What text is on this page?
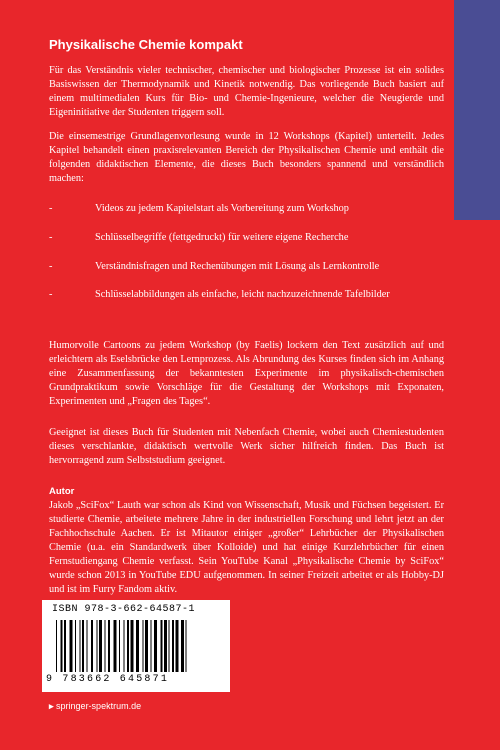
Physikalische Chemie kompakt

Für das Verständnis vieler technischer, chemischer und biologischer Prozesse ist ein solides Basiswissen der Thermodynamik und Kinetik notwendig. Das vorliegende Buch basiert auf einem multimedialen Kurs für Bio- und Chemie-Ingenieure, welcher die Neugierde und Eigeninitiative der Studenten triggern soll.

Die einsemestrige Grundlagenvorlesung wurde in 12 Workshops (Kapitel) unterteilt. Jedes Kapitel behandelt einen praxisrelevanten Bereich der Physikalischen Chemie und enthält die folgenden didaktischen Elemente, die dieses Buch besonders spannend und verständlich machen:

-	Videos zu jedem Kapitelstart als Vorbereitung zum Workshop
-	Schlüsselbegriffe (fettgedruckt) für weitere eigene Recherche
-	Verständnisfragen und Rechenübungen mit Lösung als Lernkontrolle
-	Schlüsselabbildungen als einfache, leicht nachzuzeichnende Tafelbilder

Humorvolle Cartoons zu jedem Workshop (by Faelis) lockern den Text zusätzlich auf und erleichtern als Eselsbrücke den Lernprozess. Als Abrundung des Kurses finden sich im Anhang eine Zusammenfassung der bekanntesten Experimente im physikalisch-chemischen Grundpraktikum sowie Vorschläge für die Gestaltung der Workshops mit Exponaten, Experimenten und „Fragen des Tages“.

Geeignet ist dieses Buch für Studenten mit Nebenfach Chemie, wobei auch Chemiestudenten dieses verschlankte, didaktisch wertvolle Werk sicher hilfreich finden. Das Buch ist hervorragend zum Selbststudium geeignet.

Autor

Jakob „SciFox“ Lauth war schon als Kind von Wissenschaft, Musik und Füchsen begeistert. Er studierte Chemie, arbeitete mehrere Jahre in der industriellen Forschung und lehrt jetzt an der Fachhochschule Aachen. Er ist Mitautor einiger „großer“ Lehrbücher der Physikalischen Chemie (u.a. ein Standardwerk über Kolloide) und hat einige Kurzlehrbücher für einen Fernstudiengang Chemie verfasst. Sein YouTube Kanal „Physikalische Chemie by SciFox“ wurde schon 2013 in YouTube EDU aufgenommen. In seiner Freizeit arbeitet er als Hobby-DJ und ist im Furry Fandom aktiv.

ISBN 978-3-662-64587-1
9 783662 645871
▸ springer-spektrum.de
